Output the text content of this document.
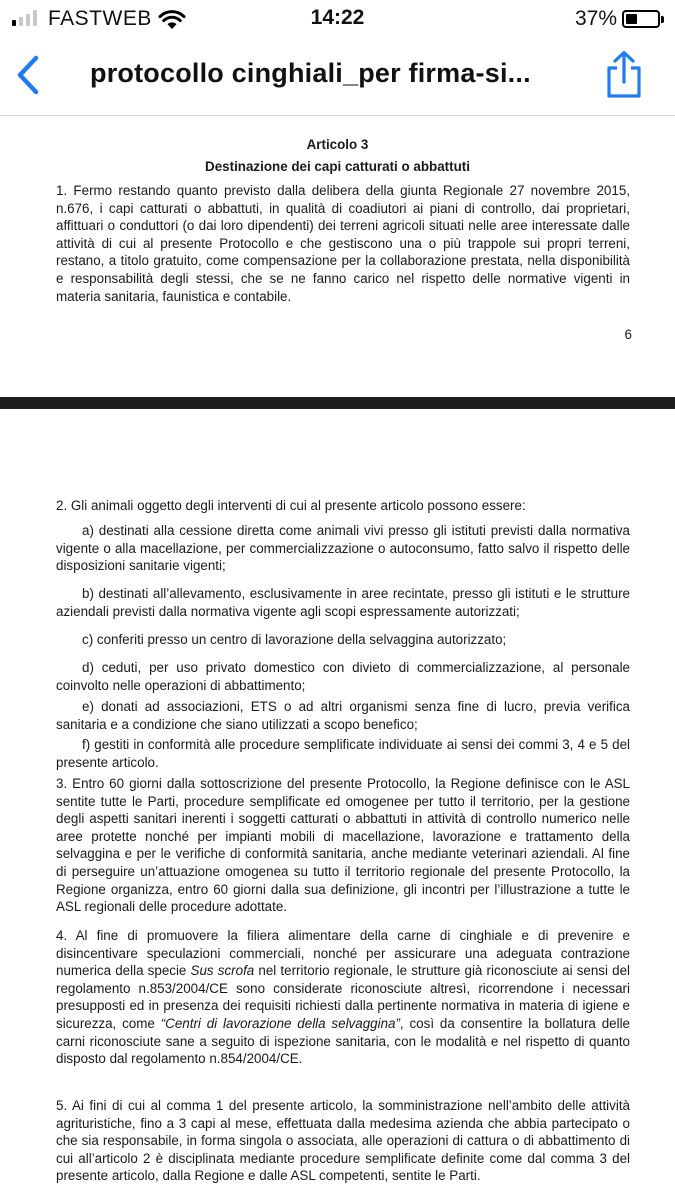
FASTWEB	14:22	37%
protocollo cinghiali_per firma-si...
Articolo 3
Destinazione dei capi catturati o abbattuti
1. Fermo restando quanto previsto dalla delibera della giunta Regionale 27 novembre 2015, n.676, i capi catturati o abbattuti, in qualità di coadiutori ai piani di controllo, dai proprietari, affittuari o conduttori (o dai loro dipendenti) dei terreni agricoli situati nelle aree interessate dalle attività di cui al presente Protocollo e che gestiscono una o più trappole sui propri terreni, restano, a titolo gratuito, come compensazione per la collaborazione prestata, nella disponibilità e responsabilità degli stessi, che se ne fanno carico nel rispetto delle normative vigenti in materia sanitaria, faunistica e contabile.
6
2. Gli animali oggetto degli interventi di cui al presente articolo possono essere:
a) destinati alla cessione diretta come animali vivi presso gli istituti previsti dalla normativa vigente o alla macellazione, per commercializzazione o autoconsumo, fatto salvo il rispetto delle disposizioni sanitarie vigenti;
b) destinati all’allevamento, esclusivamente in aree recintate, presso gli istituti e le strutture aziendali previsti dalla normativa vigente agli scopi espressamente autorizzati;
c) conferiti presso un centro di lavorazione della selvaggina autorizzato;
d) ceduti, per uso privato domestico con divieto di commercializzazione, al personale coinvolto nelle operazioni di abbattimento;
e) donati ad associazioni, ETS o ad altri organismi senza fine di lucro, previa verifica sanitaria e a condizione che siano utilizzati a scopo benefico;
f) gestiti in conformità alle procedure semplificate individuate ai sensi dei commi 3, 4 e 5 del presente articolo.
3. Entro 60 giorni dalla sottoscrizione del presente Protocollo, la Regione definisce con le ASL sentite tutte le Parti, procedure semplificate ed omogenee per tutto il territorio, per la gestione degli aspetti sanitari inerenti i soggetti catturati o abbattuti in attività di controllo numerico nelle aree protette nonché per impianti mobili di macellazione, lavorazione e trattamento della selvaggina e per le verifiche di conformità sanitaria, anche mediante veterinari aziendali. Al fine di perseguire un’attuazione omogenea su tutto il territorio regionale del presente Protocollo, la Regione organizza, entro 60 giorni dalla sua definizione, gli incontri per l’illustrazione a tutte le ASL regionali delle procedure adottate.
4. Al fine di promuovere la filiera alimentare della carne di cinghiale e di prevenire e disincentivare speculazioni commerciali, nonché per assicurare una adeguata contrazione numerica della specie Sus scrofa nel territorio regionale, le strutture già riconosciute ai sensi del regolamento n.853/2004/CE sono considerate riconosciute altresì, ricorrendone i necessari presupposti ed in presenza dei requisiti richiesti dalla pertinente normativa in materia di igiene e sicurezza, come “Centri di lavorazione della selvaggina”, così da consentire la bollatura delle carni riconosciute sane a seguito di ispezione sanitaria, con le modalità e nel rispetto di quanto disposto dal regolamento n.854/2004/CE.
5. Ai fini di cui al comma 1 del presente articolo, la somministrazione nell’ambito delle attività agrituristiche, fino a 3 capi al mese, effettuata dalla medesima azienda che abbia partecipato o che sia responsabile, in forma singola o associata, alle operazioni di cattura o di abbattimento di cui all’articolo 2 è disciplinata mediante procedure semplificate definite come dal comma 3 del presente articolo, dalla Regione e dalle ASL competenti, sentite le Parti.
